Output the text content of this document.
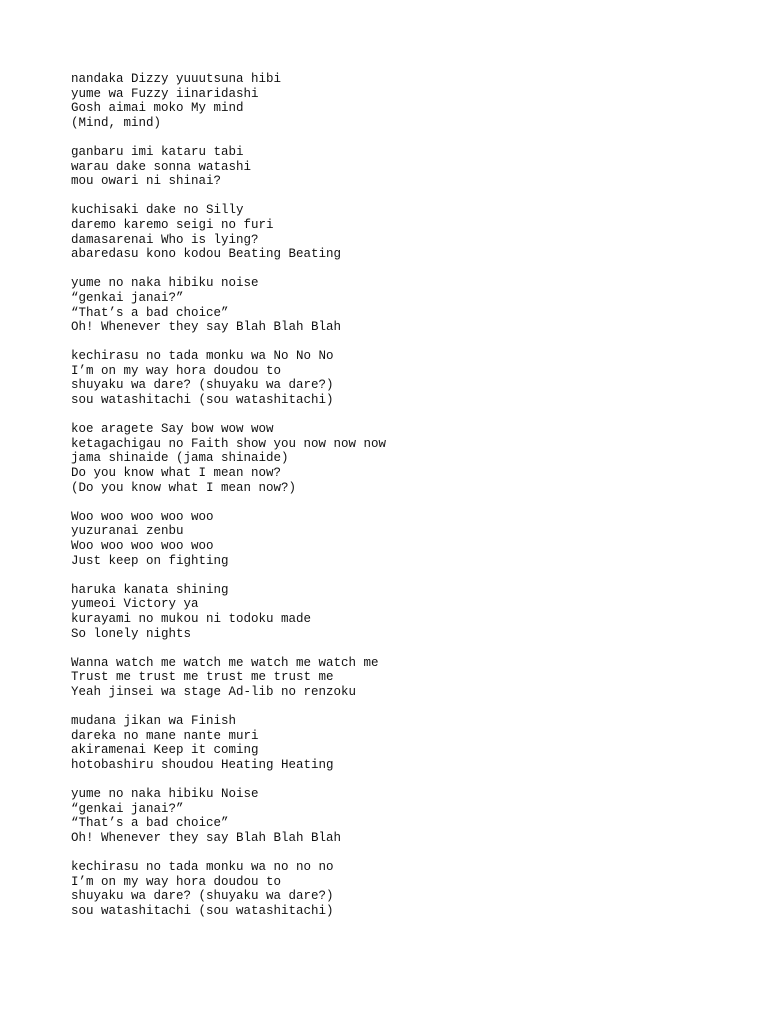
nandaka Dizzy yuuutsuna hibi
yume wa Fuzzy iinaridashi
Gosh aimai moko My mind
(Mind, mind)
ganbaru imi kataru tabi
warau dake sonna watashi
mou owari ni shinai?
kuchisaki dake no Silly
daremo karemo seigi no furi
damasarenai Who is lying?
abaredasu kono kodou Beating Beating
yume no naka hibiku noise
“genkai janai?”
“That’s a bad choice”
Oh! Whenever they say Blah Blah Blah
kechirasu no tada monku wa No No No
I’m on my way hora doudou to
shuyaku wa dare? (shuyaku wa dare?)
sou watashitachi (sou watashitachi)
koe aragete Say bow wow wow
ketagachigau no Faith show you now now now
jama shinaide (jama shinaide)
Do you know what I mean now?
(Do you know what I mean now?)
Woo woo woo woo woo
yuzuranai zenbu
Woo woo woo woo woo
Just keep on fighting
haruka kanata shining
yumeoi Victory ya
kurayami no mukou ni todoku made
So lonely nights
Wanna watch me watch me watch me watch me
Trust me trust me trust me trust me
Yeah jinsei wa stage Ad-lib no renzoku
mudana jikan wa Finish
dareka no mane nante muri
akiramenai Keep it coming
hotobashiru shoudou Heating Heating
yume no naka hibiku Noise
“genkai janai?”
“That’s a bad choice”
Oh! Whenever they say Blah Blah Blah
kechirasu no tada monku wa no no no
I’m on my way hora doudou to
shuyaku wa dare? (shuyaku wa dare?)
sou watashitachi (sou watashitachi)
